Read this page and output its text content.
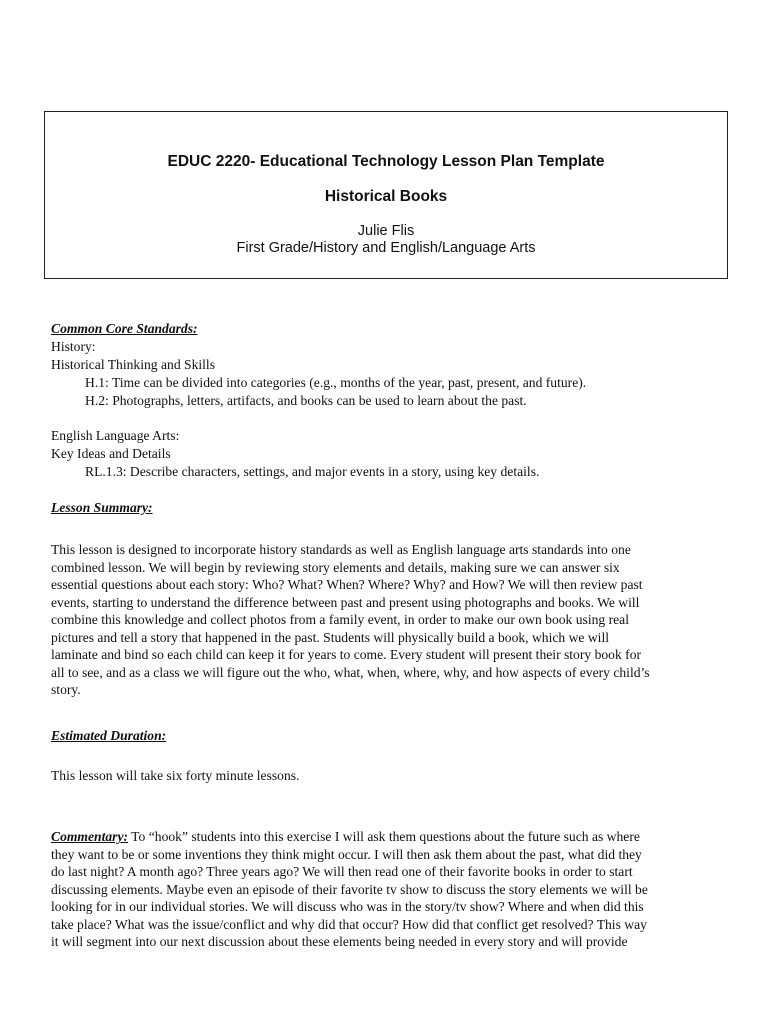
EDUC 2220- Educational Technology Lesson Plan Template
Historical Books
Julie Flis
First Grade/History and English/Language Arts
Common Core Standards:
History:
Historical Thinking and Skills
H.1: Time can be divided into categories (e.g., months of the year, past, present, and future).
H.2: Photographs, letters, artifacts, and books can be used to learn about the past.
English Language Arts:
Key Ideas and Details
RL.1.3: Describe characters, settings, and major events in a story, using key details.
Lesson Summary:
This lesson is designed to incorporate history standards as well as English language arts standards into one
combined lesson. We will begin by reviewing story elements and details, making sure we can answer six
essential questions about each story: Who? What? When? Where? Why? and How? We will then review past
events, starting to understand the difference between past and present using photographs and books. We will
combine this knowledge and collect photos from a family event, in order to make our own book using real
pictures and tell a story that happened in the past. Students will physically build a book, which we will
laminate and bind so each child can keep it for years to come. Every student will present their story book for
all to see, and as a class we will figure out the who, what, when, where, why, and how aspects of every child’s
story.
Estimated Duration:
This lesson will take six forty minute lessons.
Commentary: To “hook” students into this exercise I will ask them questions about the future such as where
they want to be or some inventions they think might occur. I will then ask them about the past, what did they
do last night? A month ago? Three years ago? We will then read one of their favorite books in order to start
discussing elements. Maybe even an episode of their favorite tv show to discuss the story elements we will be
looking for in our individual stories. We will discuss who was in the story/tv show? Where and when did this
take place? What was the issue/conflict and why did that occur? How did that conflict get resolved? This way
it will segment into our next discussion about these elements being needed in every story and will provide
